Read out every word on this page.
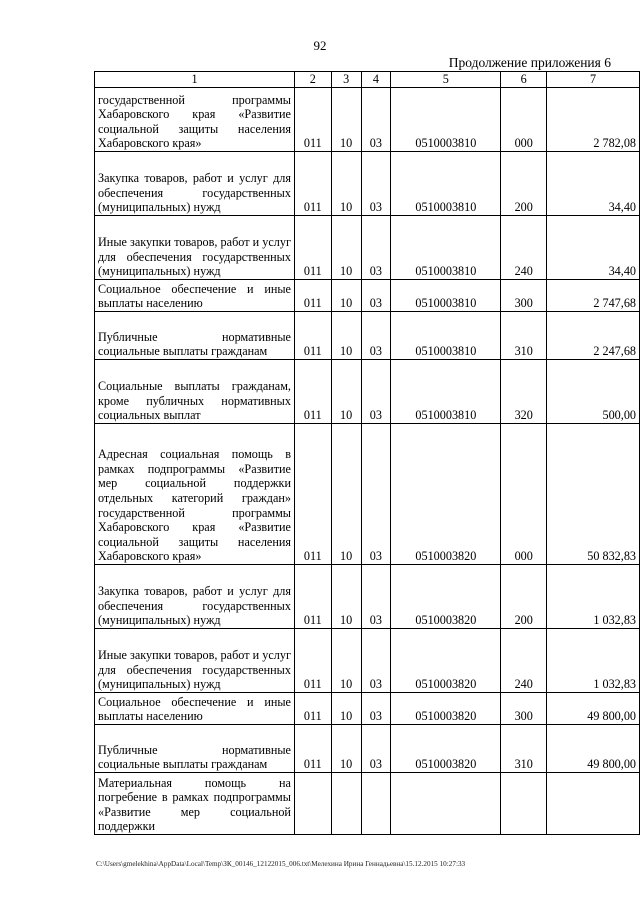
92
Продолжение приложения 6
1	2	3	4	5	6	7
государственной программы Хабаровского края «Развитие социальной защиты населения Хабаровского края»	011	10	03	0510003810	000	2 782,08
Закупка товаров, работ и услуг для обеспечения государственных (муниципальных) нужд	011	10	03	0510003810	200	34,40
Иные закупки товаров, работ и услуг для обеспечения государственных (муниципальных) нужд	011	10	03	0510003810	240	34,40
Социальное обеспечение и иные выплаты населению	011	10	03	0510003810	300	2 747,68
Публичные нормативные социальные выплаты гражданам	011	10	03	0510003810	310	2 247,68
Социальные выплаты гражданам, кроме публичных нормативных социальных выплат	011	10	03	0510003810	320	500,00
Адресная социальная помощь в рамках подпрограммы «Развитие мер социальной поддержки отдельных категорий граждан» государственной программы Хабаровского края «Развитие социальной защиты населения Хабаровского края»	011	10	03	0510003820	000	50 832,83
Закупка товаров, работ и услуг для обеспечения государственных (муниципальных) нужд	011	10	03	0510003820	200	1 032,83
Иные закупки товаров, работ и услуг для обеспечения государственных (муниципальных) нужд	011	10	03	0510003820	240	1 032,83
Социальное обеспечение и иные выплаты населению	011	10	03	0510003820	300	49 800,00
Публичные нормативные социальные выплаты гражданам	011	10	03	0510003820	310	49 800,00
Материальная помощь на погребение в рамках подпрограммы «Развитие мер социальной поддержки						
C:\Users\gmelekhina\AppData\Local\Temp\ЗК_00146_12122015_006.txt\Мелехина Ирина Геннадьевна\15.12.2015 10:27:33
